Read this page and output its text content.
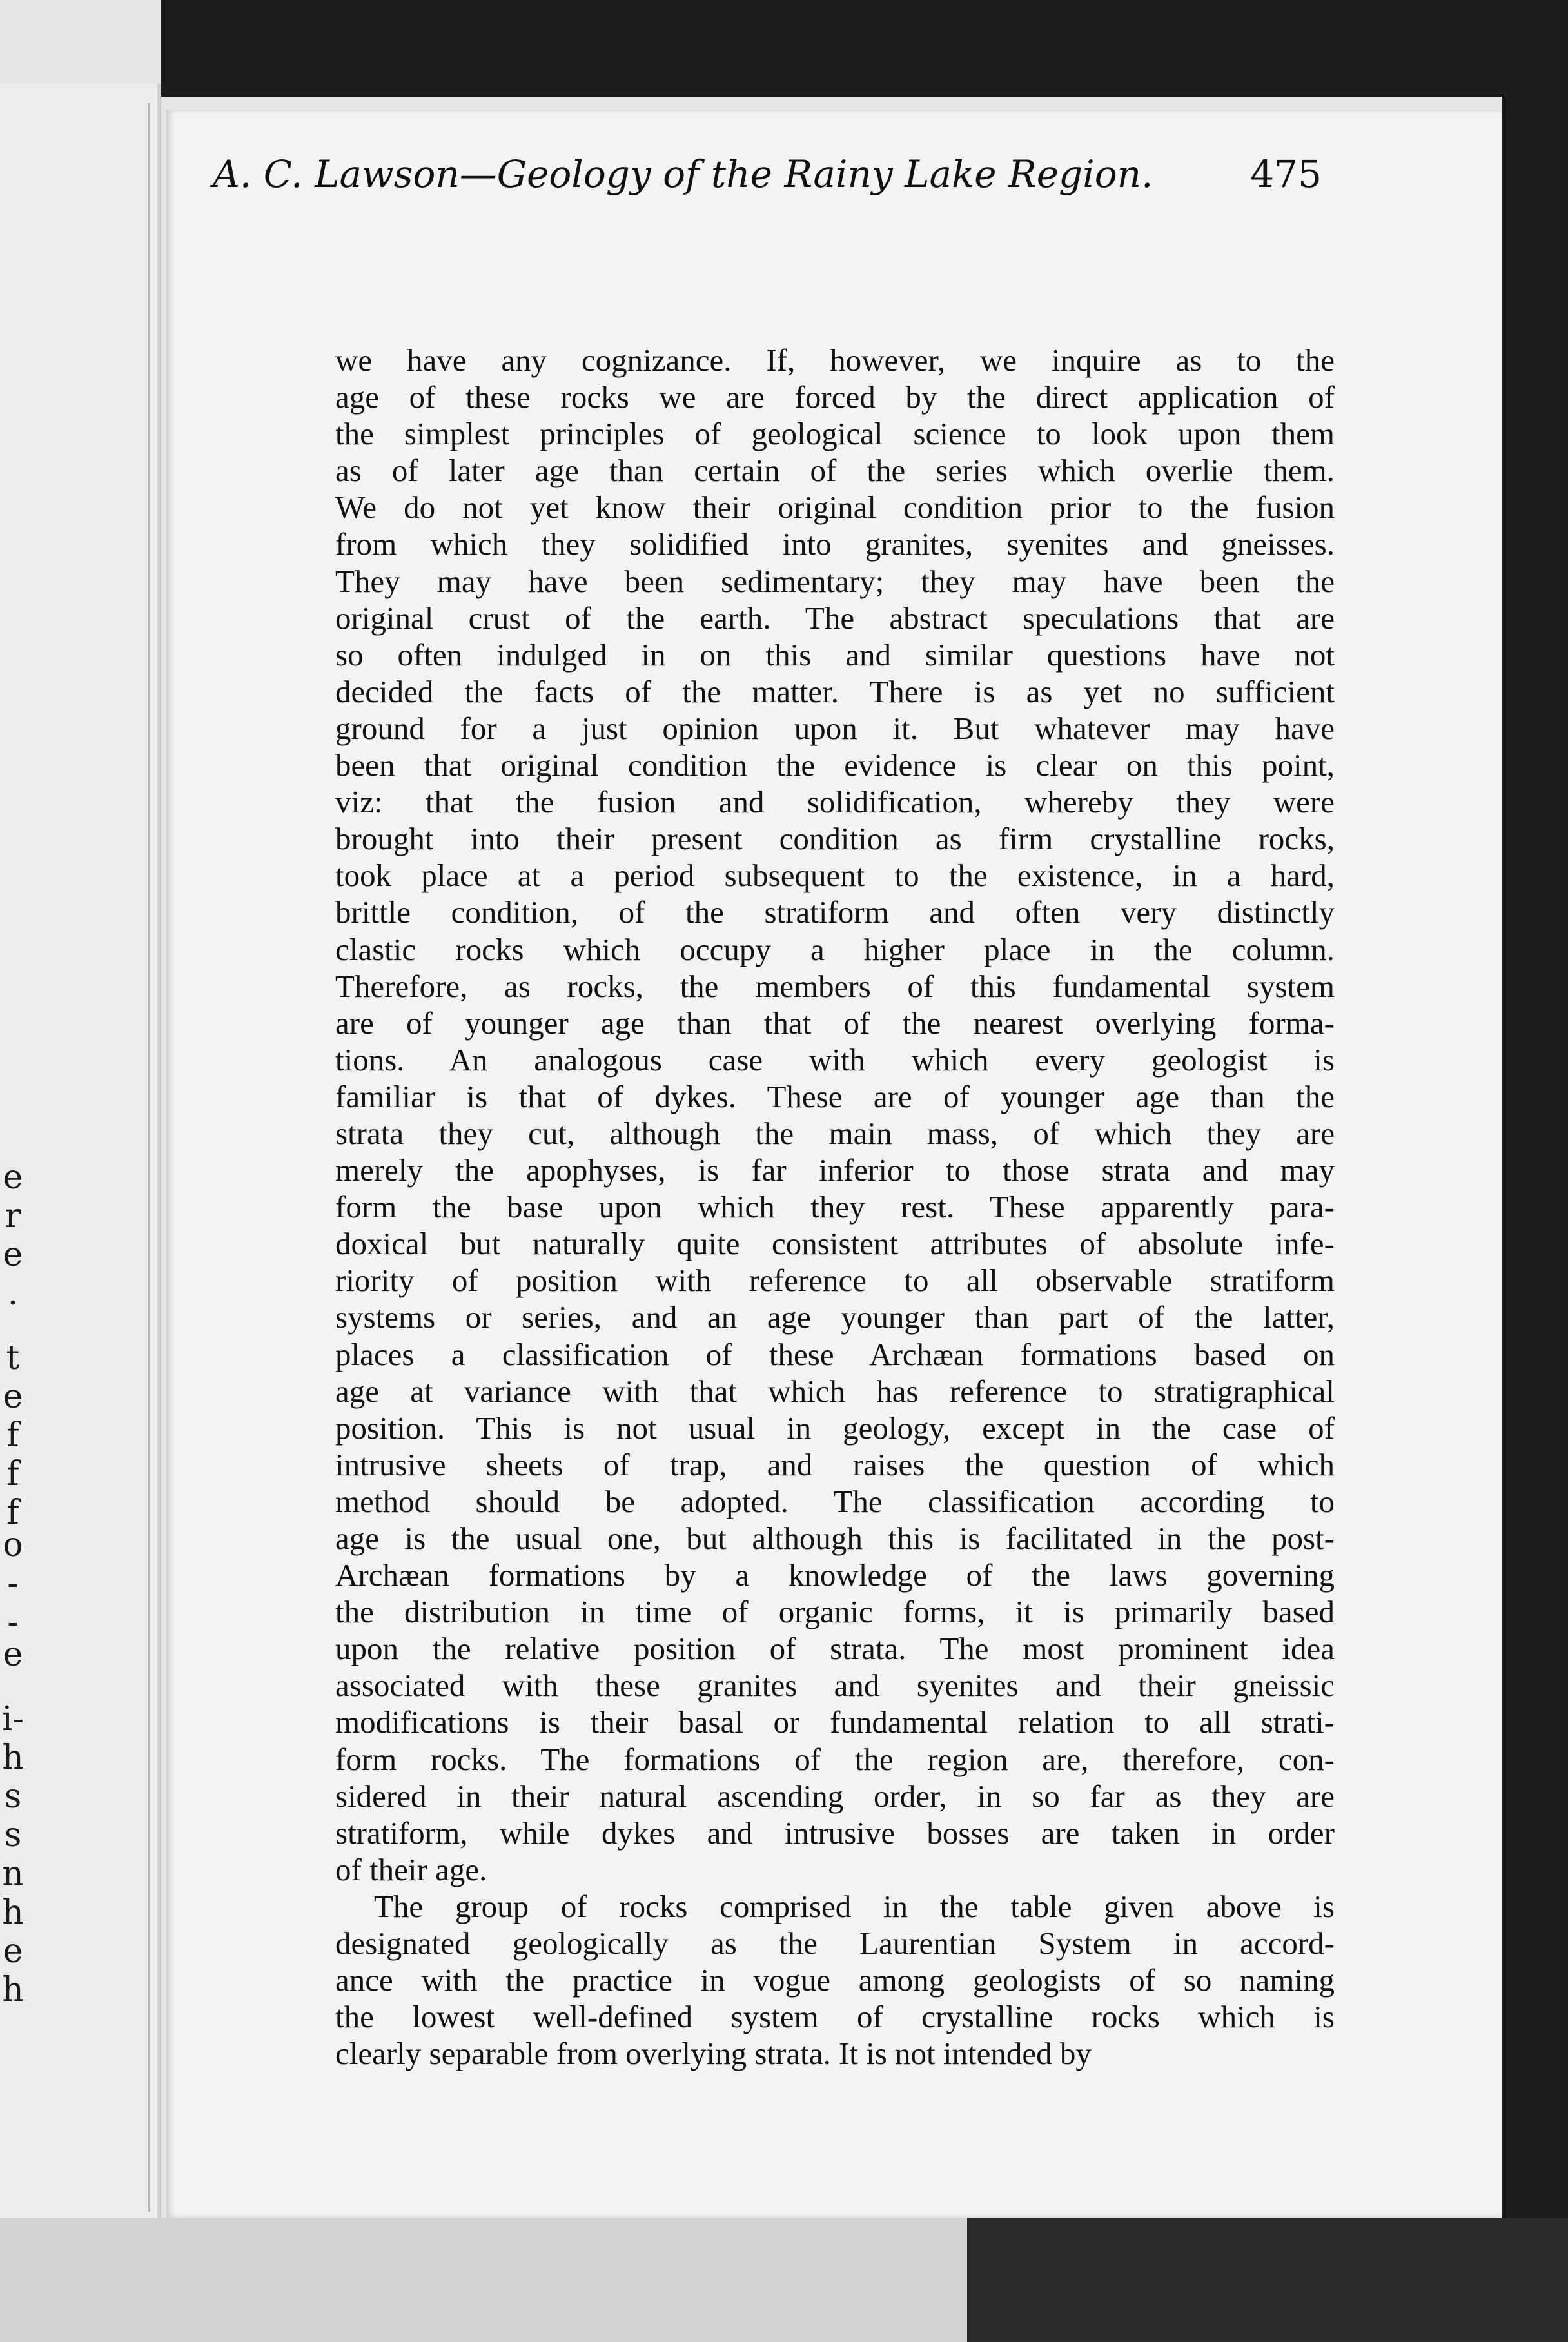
e
r
e
.
t
e
f
f
f
o
-
-
e
i-
h
s
s
n
h
e
h
A. C. Lawson—Geology of the Rainy Lake Region.	475
we have any cognizance. If, however, we inquire as to the
age of these rocks we are forced by the direct application of
the simplest principles of geological science to look upon them
as of later age than certain of the series which overlie them.
We do not yet know their original condition prior to the fusion
from which they solidified into granites, syenites and gneisses.
They may have been sedimentary; they may have been the
original crust of the earth. The abstract speculations that are
so often indulged in on this and similar questions have not
decided the facts of the matter. There is as yet no sufficient
ground for a just opinion upon it. But whatever may have
been that original condition the evidence is clear on this point,
viz: that the fusion and solidification, whereby they were
brought into their present condition as firm crystalline rocks,
took place at a period subsequent to the existence, in a hard,
brittle condition, of the stratiform and often very distinctly
clastic rocks which occupy a higher place in the column.
Therefore, as rocks, the members of this fundamental system
are of younger age than that of the nearest overlying forma-
tions. An analogous case with which every geologist is
familiar is that of dykes. These are of younger age than the
strata they cut, although the main mass, of which they are
merely the apophyses, is far inferior to those strata and may
form the base upon which they rest. These apparently para-
doxical but naturally quite consistent attributes of absolute infe-
riority of position with reference to all observable stratiform
systems or series, and an age younger than part of the latter,
places a classification of these Archæan formations based on
age at variance with that which has reference to stratigraphical
position. This is not usual in geology, except in the case of
intrusive sheets of trap, and raises the question of which
method should be adopted. The classification according to
age is the usual one, but although this is facilitated in the post-
Archæan formations by a knowledge of the laws governing
the distribution in time of organic forms, it is primarily based
upon the relative position of strata. The most prominent idea
associated with these granites and syenites and their gneissic
modifications is their basal or fundamental relation to all strati-
form rocks. The formations of the region are, therefore, con-
sidered in their natural ascending order, in so far as they are
stratiform, while dykes and intrusive bosses are taken in order
of their age.
The group of rocks comprised in the table given above is
designated geologically as the Laurentian System in accord-
ance with the practice in vogue among geologists of so naming
the lowest well-defined system of crystalline rocks which is
clearly separable from overlying strata. It is not intended by
